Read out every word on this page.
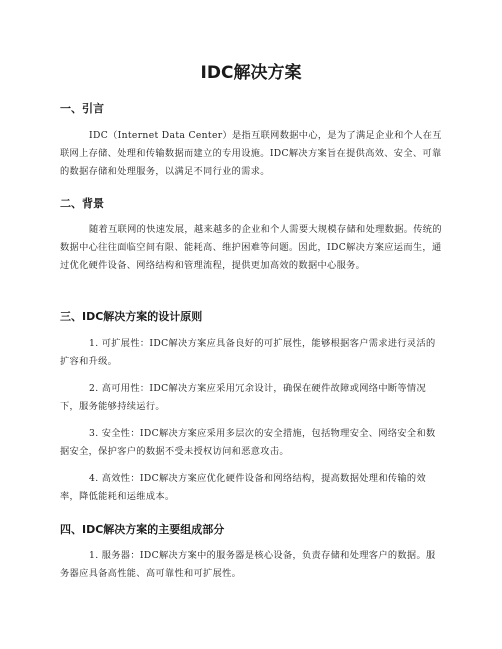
IDC解决方案
一、引言

IDC（Internet Data Center）是指互联网数据中心，是为了满足企业和个人在互联网上存储、处理和传输数据而建立的专用设施。IDC解决方案旨在提供高效、安全、可靠的数据存储和处理服务，以满足不同行业的需求。

二、背景

随着互联网的快速发展，越来越多的企业和个人需要大规模存储和处理数据。传统的数据中心往往面临空间有限、能耗高、维护困难等问题。因此，IDC解决方案应运而生，通过优化硬件设备、网络结构和管理流程，提供更加高效的数据中心服务。

三、IDC解决方案的设计原则

1. 可扩展性：IDC解决方案应具备良好的可扩展性，能够根据客户需求进行灵活的扩容和升级。

2. 高可用性：IDC解决方案应采用冗余设计，确保在硬件故障或网络中断等情况下，服务能够持续运行。

3. 安全性：IDC解决方案应采用多层次的安全措施，包括物理安全、网络安全和数据安全，保护客户的数据不受未授权访问和恶意攻击。

4. 高效性：IDC解决方案应优化硬件设备和网络结构，提高数据处理和传输的效率，降低能耗和运维成本。

四、IDC解决方案的主要组成部分

1. 服务器：IDC解决方案中的服务器是核心设备，负责存储和处理客户的数据。服务器应具备高性能、高可靠性和可扩展性。
